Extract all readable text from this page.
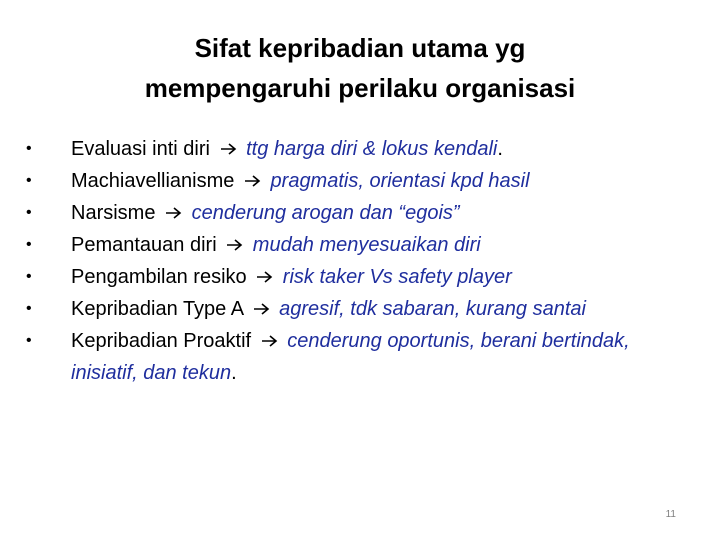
Sifat kepribadian utama yg
mempengaruhi perilaku organisasi
• Evaluasi inti diri ttg harga diri & lokus kendali.
• Machiavellianisme pragmatis, orientasi kpd hasil
• Narsisme cenderung arogan dan “egois”
• Pemantauan diri mudah menyesuaikan diri
• Pengambilan resiko risk taker Vs safety player
• Kepribadian Type A agresif, tdk sabaran, kurang santai
• Kepribadian Proaktif cenderung oportunis, berani bertindak, inisiatif, dan tekun.
11
